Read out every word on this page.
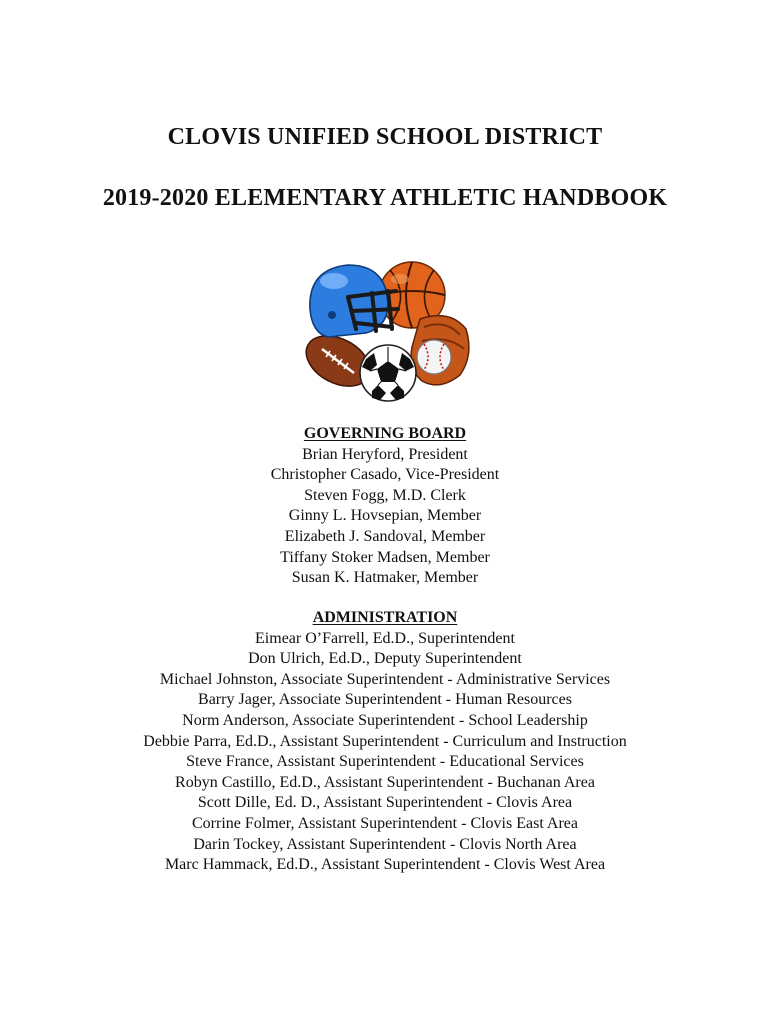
CLOVIS UNIFIED SCHOOL DISTRICT
2019-2020 ELEMENTARY ATHLETIC HANDBOOK
GOVERNING BOARD
Brian Heryford, President
Christopher Casado, Vice-President
Steven Fogg, M.D. Clerk
Ginny L. Hovsepian, Member
Elizabeth J. Sandoval, Member
Tiffany Stoker Madsen, Member
Susan K. Hatmaker, Member
ADMINISTRATION
Eimear O’Farrell, Ed.D., Superintendent
Don Ulrich, Ed.D., Deputy Superintendent
Michael Johnston, Associate Superintendent - Administrative Services
Barry Jager, Associate Superintendent - Human Resources
Norm Anderson, Associate Superintendent - School Leadership
Debbie Parra, Ed.D., Assistant Superintendent - Curriculum and Instruction
Steve France, Assistant Superintendent - Educational Services
Robyn Castillo, Ed.D., Assistant Superintendent - Buchanan Area
Scott Dille, Ed. D., Assistant Superintendent - Clovis Area
Corrine Folmer, Assistant Superintendent - Clovis East Area
Darin Tockey, Assistant Superintendent - Clovis North Area
Marc Hammack, Ed.D., Assistant Superintendent - Clovis West Area
